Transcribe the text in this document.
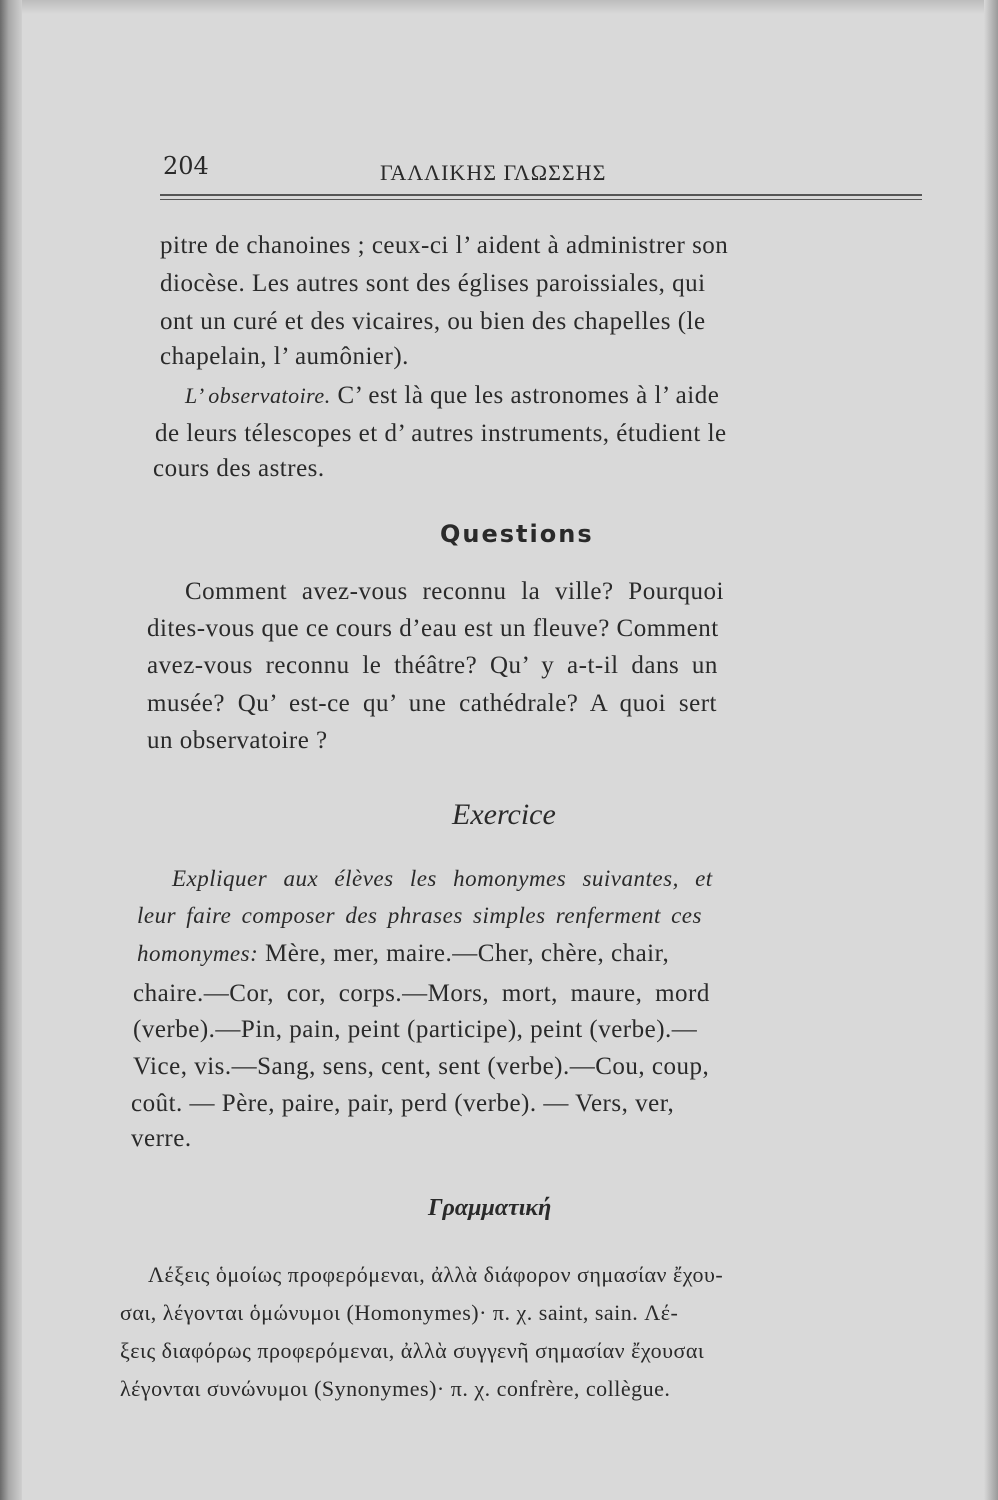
204	ΓΑΛΛΙΚΗΣ ΓΛΩΣΣΗΣ
pitre de chanoines ; ceux-ci l’ aident à administrer son
diocèse. Les autres sont des églises paroissiales, qui
ont un curé et des vicaires, ou bien des chapelles (le
chapelain, l’ aumônier).
L’ observatoire. C’ est là que les astronomes à l’ aide
de leurs télescopes et d’ autres instruments, étudient le
cours des astres.
Questions
Comment avez-vous reconnu la ville? Pourquoi
dites-vous que ce cours d’eau est un fleuve? Comment
avez-vous reconnu le théâtre? Qu’ y a-t-il dans un
musée? Qu’ est-ce qu’ une cathédrale? A quoi sert
un observatoire ?
Exercice
Expliquer aux élèves les homonymes suivantes, et
leur faire composer des phrases simples renferment ces
homonymes: Mère, mer, maire.—Cher, chère, chair,
chaire.—Cor, cor, corps.—Mors, mort, maure, mord
(verbe).—Pin, pain, peint (participe), peint (verbe).—
Vice, vis.—Sang, sens, cent, sent (verbe).—Cou, coup,
coût. — Père, paire, pair, perd (verbe). — Vers, ver,
verre.
Γραμματική
Λέξεις ὁμοίως προφερόμεναι, ἀλλὰ διάφορον σημασίαν ἔχου-
σαι, λέγονται ὁμώνυμοι (Homonymes)· π. χ. saint, sain. Λέ-
ξεις διαφόρως προφερόμεναι, ἀλλὰ συγγενῆ σημασίαν ἔχουσαι
λέγονται συνώνυμοι (Synonymes)· π. χ. confrère, collègue.
